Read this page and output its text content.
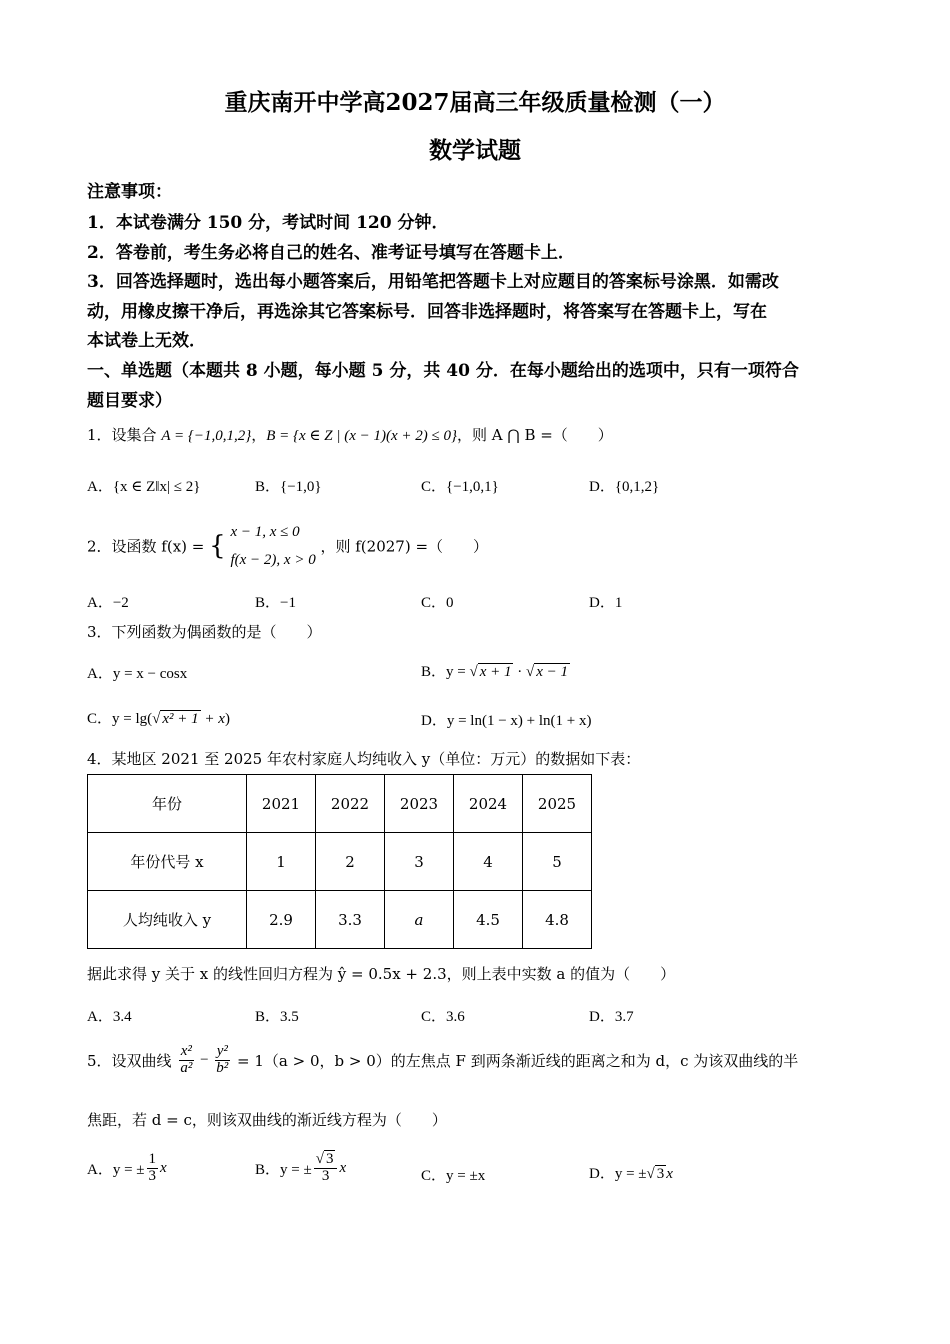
重庆南开中学高2027届高三年级质量检测（一）
数学试题
注意事项：
1．本试卷满分 150 分，考试时间 120 分钟．
2．答卷前，考生务必将自己的姓名、准考证号填写在答题卡上．
3．回答选择题时，选出每小题答案后，用铅笔把答题卡上对应题目的答案标号涂黑．如需改
动，用橡皮擦干净后，再选涂其它答案标号．回答非选择题时，将答案写在答题卡上，写在
本试卷上无效．
一、单选题（本题共 8 小题，每小题 5 分，共 40 分．在每小题给出的选项中，只有一项符合
题目要求）
1．设集合 A = {−1,0,1,2}，B = {x ∈ Z | (x − 1)(x + 2) ≤ 0}，则 A ⋂ B =（　　）
A．{x ∈ Z‖x| ≤ 2}	B．{−1,0}	C．{−1,0,1}	D．{0,1,2}
2．设函数 f(x) = { x − 1, x ≤ 0
f(x − 2), x > 0
，则 f(2027) =（　　）
A．−2	B．−1	C．0	D．1
3．下列函数为偶函数的是（　　）
A．y = x − cosx	B．y = √ x + 1 · √ x − 1
C．y = lg(√ x² + 1 + x)	D．y = ln(1 − x) + ln(1 + x)
4．某地区 2021 至 2025 年农村家庭人均纯收入 y（单位：万元）的数据如下表：
年份	2021	2022	2023	2024	2025
年份代号 x	1	2	3	4	5
人均纯收入 y	2.9	3.3	a	4.5	4.8
据此求得 y 关于 x 的线性回归方程为 ŷ = 0.5x + 2.3，则上表中实数 a 的值为（　　）
A．3.4	B．3.5	C．3.6	D．3.7
5．设双曲线 $\frac{\text{x²}}{\text{a²}} - \frac{\text{y²}}{\text{b²}} = 1(a > 0$，b > 0）的左焦点 F 到两条渐近线的距离之和为 d，c 为该双曲线的半
焦距，若 d = c，则该双曲线的渐近线方程为（　　）
A．y = ± $\frac{1}{3}$ x	B．y = ± $\frac{√ 3}{3}$ x
C．y = ±x	D．y = ±√ 3 x
